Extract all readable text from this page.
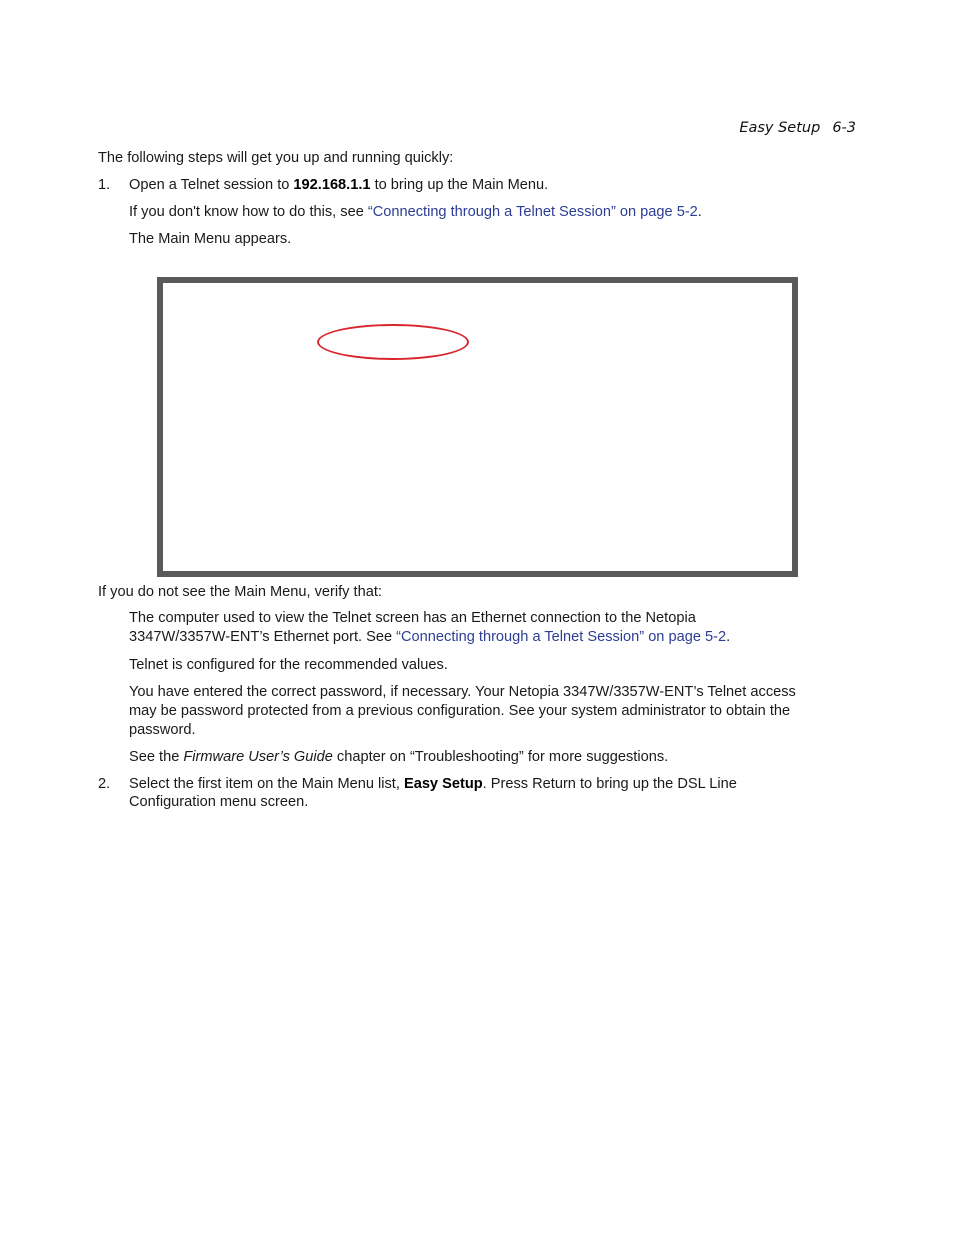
Easy Setup 6-3
The following steps will get you up and running quickly:
1. Open a Telnet session to 192.168.1.1 to bring up the Main Menu.
If you don't know how to do this, see “Connecting through a Telnet Session” on page 5-2.
The Main Menu appears.
If you do not see the Main Menu, verify that:
The computer used to view the Telnet screen has an Ethernet connection to the Netopia
3347W/3357W-ENT’s Ethernet port. See “Connecting through a Telnet Session” on page 5-2.
Telnet is configured for the recommended values.
You have entered the correct password, if necessary. Your Netopia 3347W/3357W-ENT’s Telnet access
may be password protected from a previous configuration. See your system administrator to obtain the
password.
See the Firmware User’s Guide chapter on “Troubleshooting” for more suggestions.
2. Select the first item on the Main Menu list, Easy Setup. Press Return to bring up the DSL Line
Configuration menu screen.
